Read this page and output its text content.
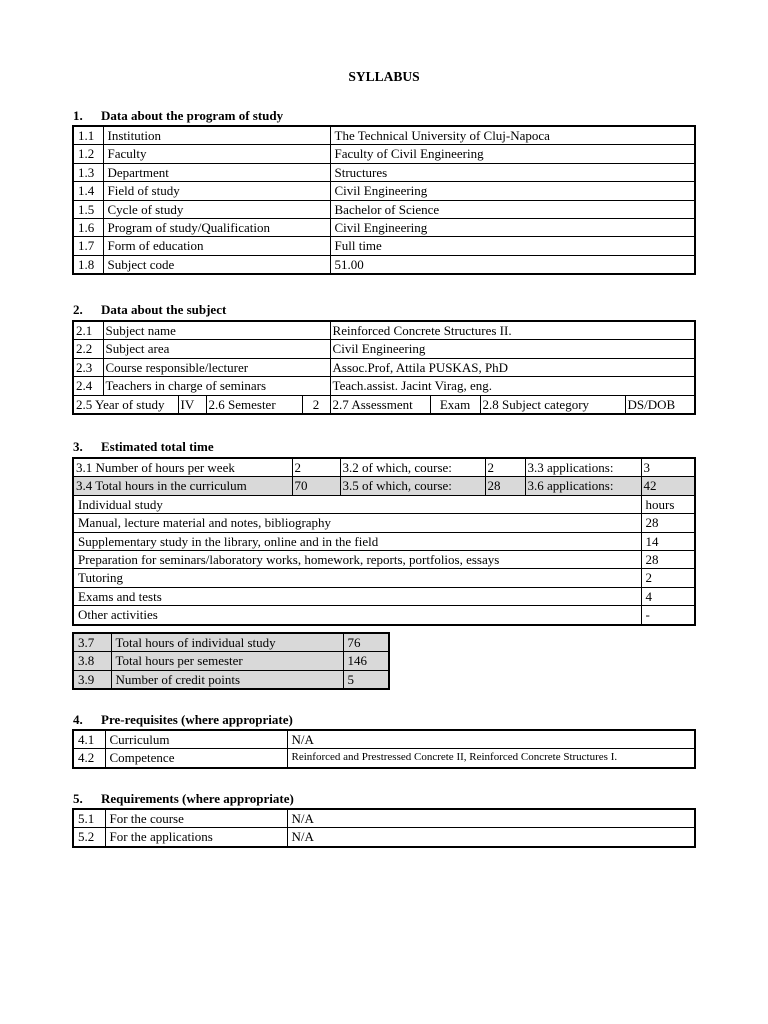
SYLLABUS
1. Data about the program of study
1.1	Institution	The Technical University of Cluj-Napoca
1.2	Faculty	Faculty of Civil Engineering
1.3	Department	Structures
1.4	Field of study	Civil Engineering
1.5	Cycle of study	Bachelor of Science
1.6	Program of study/Qualification	Civil Engineering
1.7	Form of education	Full time
1.8	Subject code	51.00
2. Data about the subject
2.1	Subject name				Reinforced Concrete Structures II.			
2.2	Subject area				Civil Engineering			
2.3	Course responsible/lecturer				Assoc.Prof, Attila PUSKAS, PhD			
2.4	Teachers in charge of seminars				Teach.assist. Jacint Virag, eng.			
2.5 Year of study		IV	2.6 Semester	2	2.7 Assessment	Exam	2.8 Subject category	DS/DOB
3. Estimated total time
3.1 Number of hours per week	2	3.2 of which, course:	2	3.3 applications:	3
3.4 Total hours in the curriculum	70	3.5 of which, course:	28	3.6 applications:	42
Individual study					hours
Manual, lecture material and notes, bibliography					28
Supplementary study in the library, online and in the field					14
Preparation for seminars/laboratory works, homework, reports, portfolios, essays					28
Tutoring					2
Exams and tests					4
Other activities					-
3.7	Total hours of individual study	76
3.8	Total hours per semester	146
3.9	Number of credit points	5
4. Pre-requisites (where appropriate)
4.1	Curriculum	N/A
4.2	Competence	Reinforced and Prestressed Concrete II, Reinforced Concrete Structures I.
5. Requirements (where appropriate)
5.1	For the course	N/A
5.2	For the applications	N/A
